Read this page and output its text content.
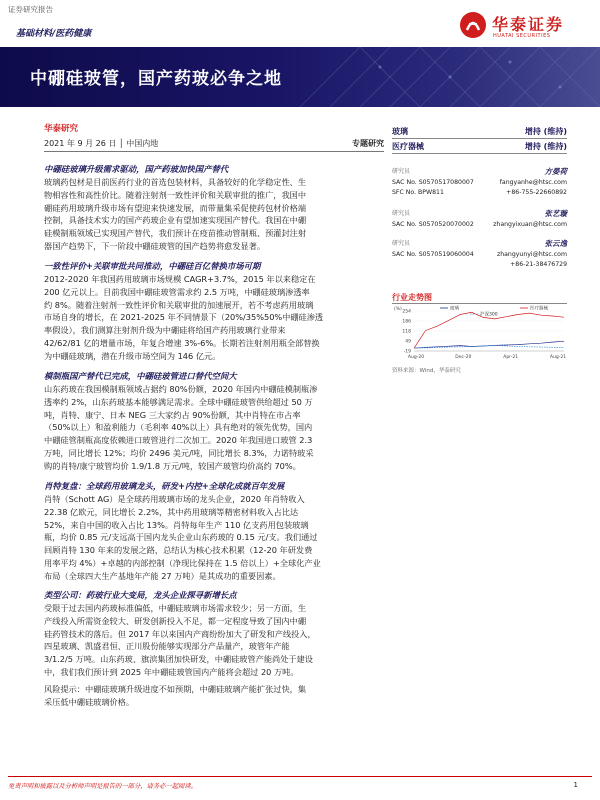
证券研究报告
基础材料/医药健康	华泰证券
HUATAI SECURITIES
中硼硅玻管，国产药玻必争之地
华泰研究
2021 年 9 月 26 日 │ 中国内地	专题研究
中硼硅玻璃升级需求驱动，国产药玻加快国产替代
玻璃药包材是目前医药行业的首选包装材料，具备较好的化学稳定性、生
物相容性和高性价比。随着注射剂一致性评价和关联审批的推广，我国中
硼硅药用玻璃升级市场有望迎来快速发展，而带量集采促使药包材价格端
控制，具备技术实力的国产药玻企业有望加速实现国产替代。我国在中硼
硅模制瓶领域已实现国产替代，我们预计在疫苗推动管制瓶、预灌封注射
器国产趋势下，下一阶段中硼硅玻管的国产趋势将愈发显著。
一致性评价+关联审批共同推动，中硼硅百亿替换市场可期
2012-2020 年我国药用玻璃市场规模 CAGR+3.7%，2015 年以来稳定在
200 亿元以上。目前我国中硼硅玻管需求约 2.5 万吨，中硼硅玻璃渗透率
约 8%。随着注射剂一致性评价和关联审批的加速展开，若不考虑药用玻璃
市场自身的增长，在 2021-2025 年不同情景下（20%/35%50%中硼硅渗透
率假设），我们测算注射剂升级为中硼硅将给国产药用玻璃行业带来
42/62/81 亿的增量市场，年复合增速 3%-6%。长期若注射剂用瓶全部替换
为中硼硅玻璃，潜在升级市场空间为 146 亿元。
模制瓶国产替代已完成，中硼硅玻管进口替代空间大
山东药玻在我国模制瓶领域占据约 80%份额，2020 年国内中硼硅模制瓶渗
透率约 2%，山东药玻基本能够满足需求。全球中硼硅玻管供给超过 50 万
吨，肖特、康宁、日本 NEG 三大家约占 90%份额，其中肖特在市占率
（50%以上）和盈利能力（毛利率 40%以上）具有绝对的领先优势，国内
中硼硅管制瓶高度依赖进口玻管进行二次加工。2020 年我国进口玻管 2.3
万吨，同比增长 12%；均价 2496 美元/吨，同比增长 8.3%，力诺特玻采
购的肖特/康宁玻管均价 1.9/1.8 万元/吨，较国产玻管均价高约 70%。
肖特复盘：全球药用玻璃龙头，研发+内控+全球化成就百年发展
肖特（Schott AG）是全球药用玻璃市场的龙头企业，2020 年肖特收入
22.38 亿欧元，同比增长 2.2%，其中药用玻璃等精密材料收入占比达
52%，来自中国的收入占比 13%。肖特每年生产 110 亿支药用包装玻璃
瓶，均价 0.85 元/支远高于国内龙头企业山东药玻的 0.15 元/支。我们通过
回顾肖特 130 年来的发展之路，总结认为核心技术积累（12-20 年研发费
用率平均 4%）+卓越的内部控制（净现比保持在 1.5 倍以上）+全球化产业
布局（全球四大生产基地年产能 27 万吨）是其成功的重要因素。
类型公司：药玻行业大变局，龙头企业探寻新增长点
受限于过去国内药玻标准偏低，中硼硅玻璃市场需求较少；另一方面，生
产线投入所需资金较大、研发创新投入不足，都一定程度导致了国内中硼
硅药管技术的落后。但 2017 年以来国内产商纷纷加大了研发和产线投入，
四星玻璃、凯盛君恒、正川股份能够实现部分产品量产，玻管年产能
3/1.2/5 万吨。山东药玻、旗滨集团加快研发，中硼硅玻管产能尚处于建设
中，我们我们预计到 2025 年中硼硅玻管国内产能将会超过 20 万吨。
风险提示：中硼硅玻璃升级进度不如预期，中硼硅玻璃产能扩张过快，集
采压低中硼硅玻璃价格。
玻璃	增持 (维持)
医疗器械	增持 (维持)
研究员	方晏荷
SAC No. S0570517080007	fangyanhe@htsc.com
SFC No. BPW811	+86-755-22660892
研究员	张艺璇
SAC No. S0570520070002	zhangyixuan@htsc.com
研究员	张云逸
SAC No. S0570519060004	zhangyunyi@htsc.com
+86-21-38476729
行业走势图
(%) 254
186
118
49
-19
Aug-20	Dec-20	Apr-21	Aug-21
玻璃	医疗器械
沪深300
资料来源：Wind，华泰研究
免责声明和披露以及分析师声明是报告的一部分，请务必一起阅读。	1
